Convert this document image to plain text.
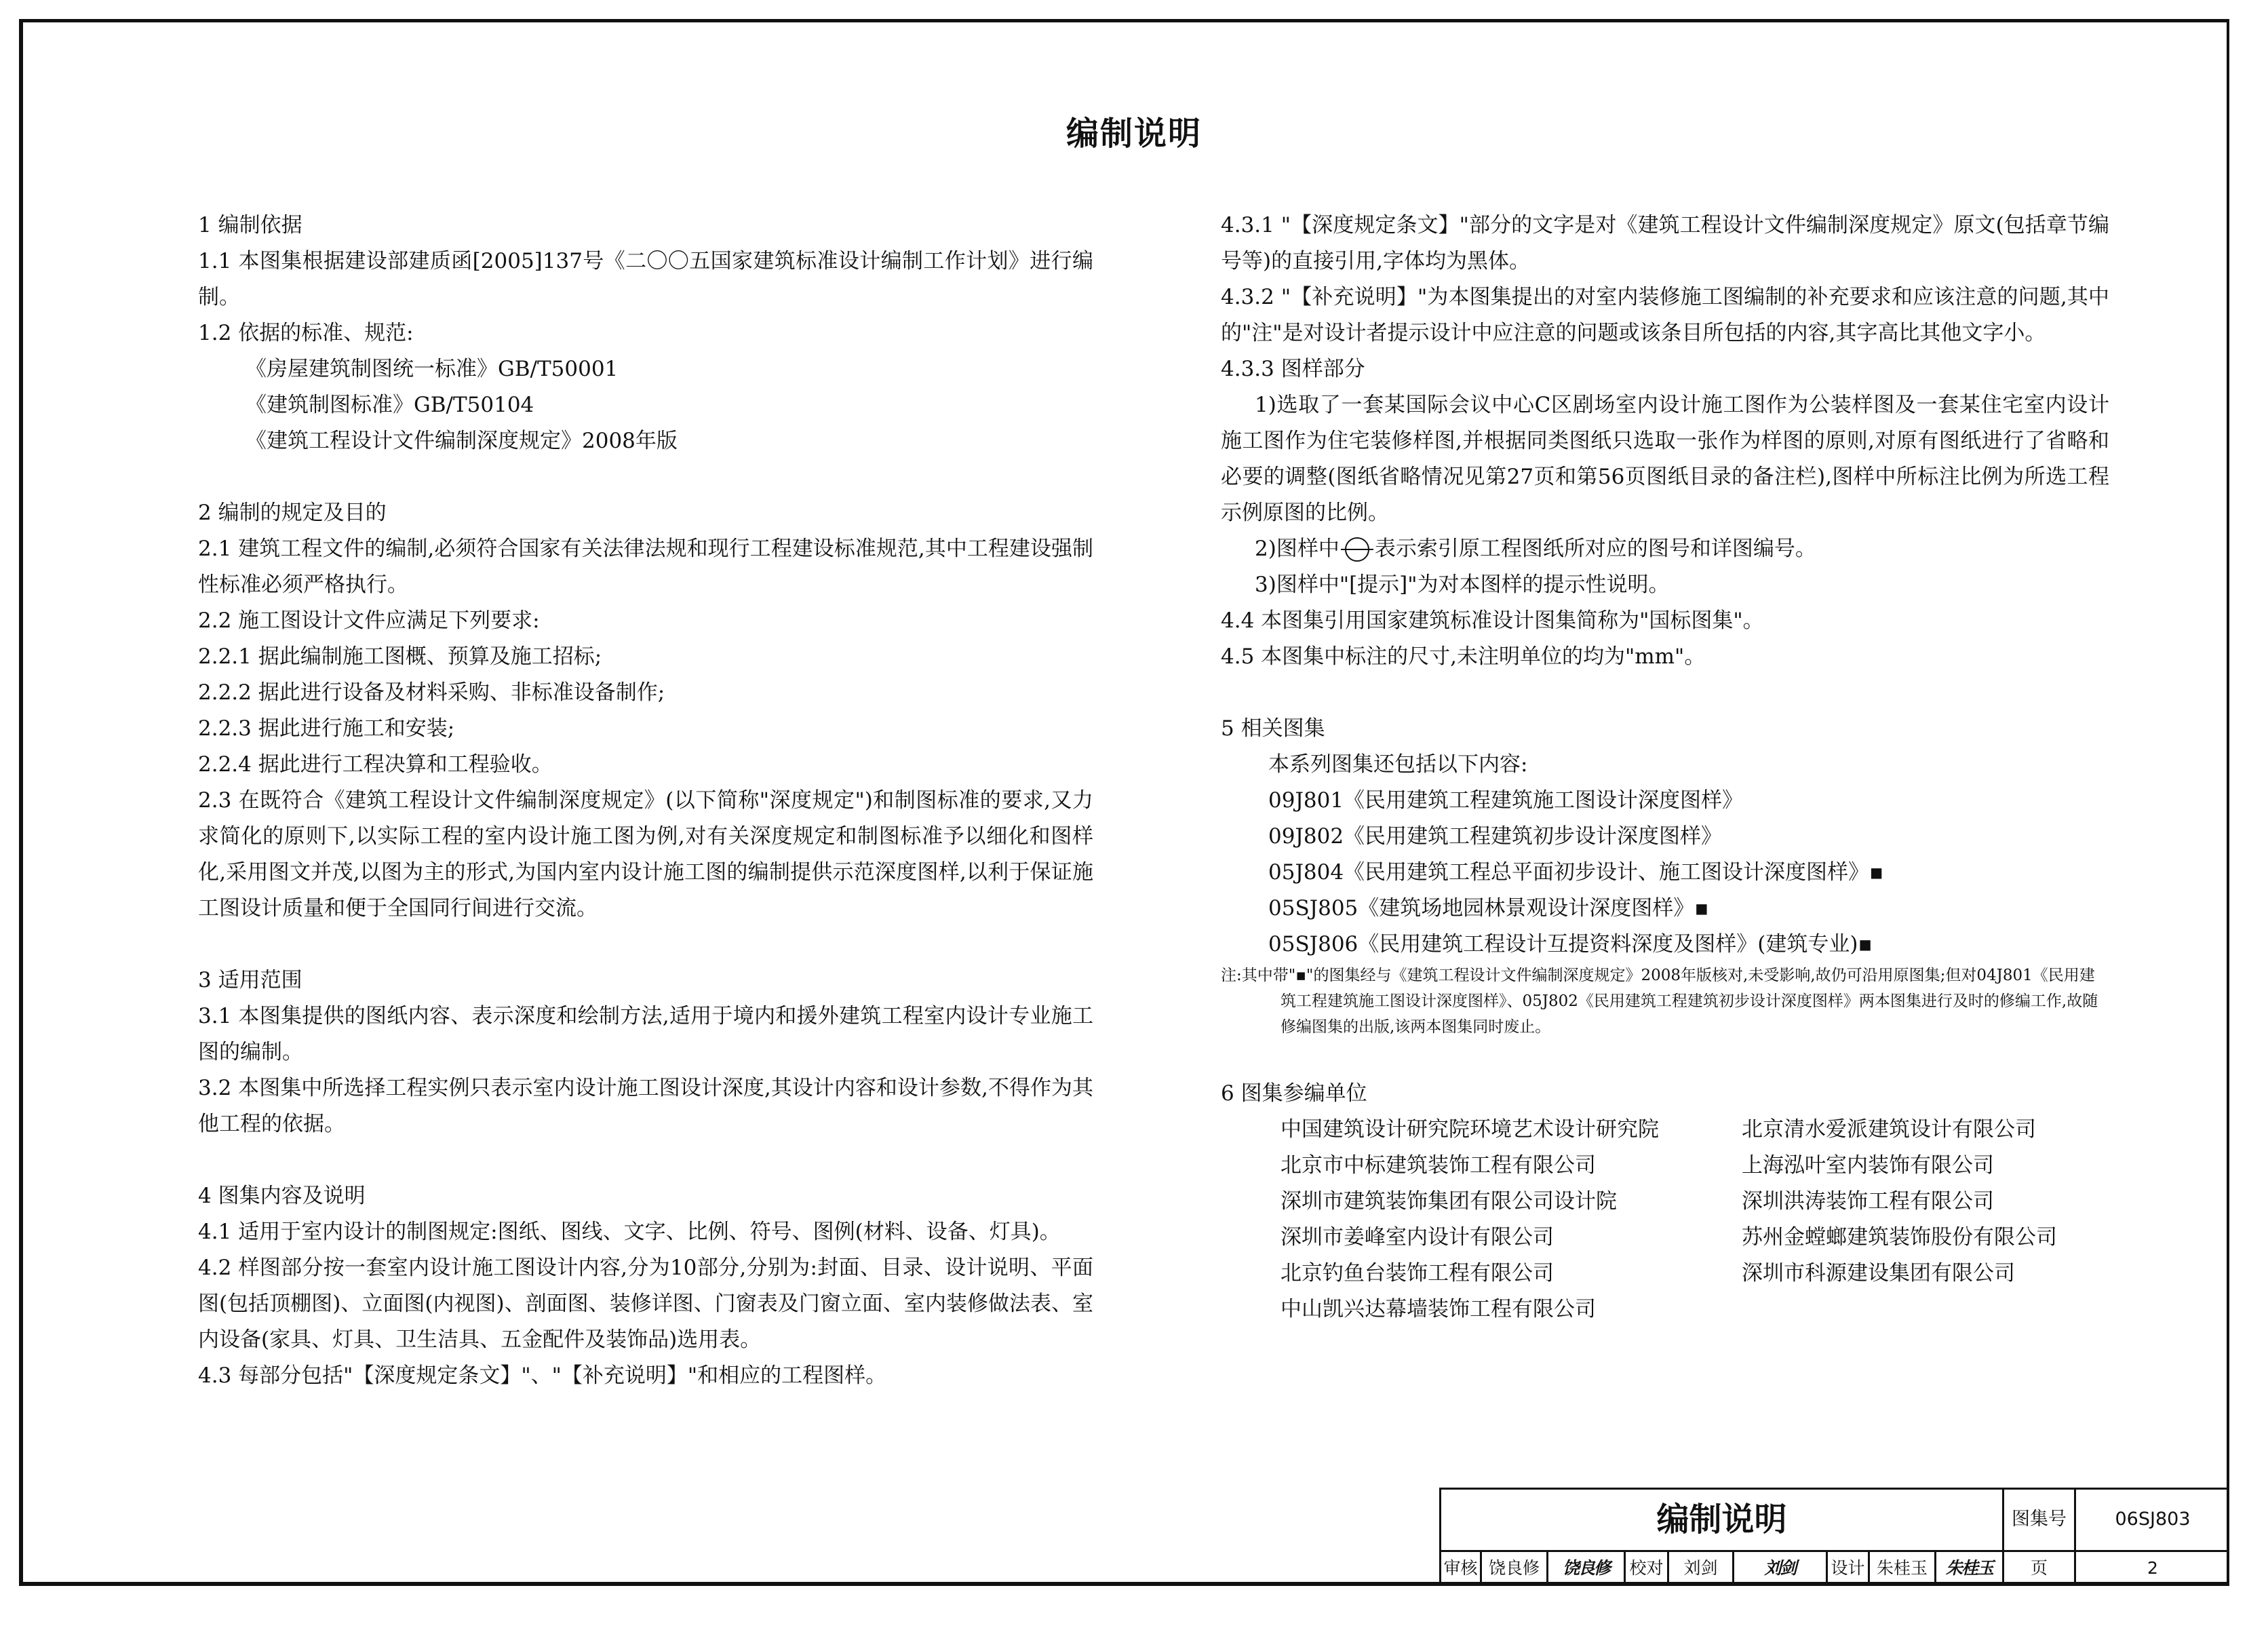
编制说明

1 编制依据

1.1 本图集根据建设部建质函[2005]137号《二〇〇五国家建筑标准设计编制工作计划》进行编制。

1.2 依据的标准、规范:

《房屋建筑制图统一标准》GB/T50001

《建筑制图标准》GB/T50104

《建筑工程设计文件编制深度规定》2008年版

2 编制的规定及目的

2.1 建筑工程文件的编制,必须符合国家有关法律法规和现行工程建设标准规范,其中工程建设强制性标准必须严格执行。

2.2 施工图设计文件应满足下列要求:

2.2.1 据此编制施工图概、预算及施工招标;

2.2.2 据此进行设备及材料采购、非标准设备制作;

2.2.3 据此进行施工和安装;

2.2.4 据此进行工程决算和工程验收。

2.3 在既符合《建筑工程设计文件编制深度规定》(以下简称"深度规定")和制图标准的要求,又力求简化的原则下,以实际工程的室内设计施工图为例,对有关深度规定和制图标准予以细化和图样化,采用图文并茂,以图为主的形式,为国内室内设计施工图的编制提供示范深度图样,以利于保证施工图设计质量和便于全国同行间进行交流。

3 适用范围

3.1 本图集提供的图纸内容、表示深度和绘制方法,适用于境内和援外建筑工程室内设计专业施工图的编制。

3.2 本图集中所选择工程实例只表示室内设计施工图设计深度,其设计内容和设计参数,不得作为其他工程的依据。

4 图集内容及说明

4.1 适用于室内设计的制图规定:图纸、图线、文字、比例、符号、图例(材料、设备、灯具)。

4.2 样图部分按一套室内设计施工图设计内容,分为10部分,分别为:封面、目录、设计说明、平面图(包括顶棚图)、立面图(内视图)、剖面图、装修详图、门窗表及门窗立面、室内装修做法表、室内设备(家具、灯具、卫生洁具、五金配件及装饰品)选用表。

4.3 每部分包括"【深度规定条文】"、"【补充说明】"和相应的工程图样。

4.3.1 "【深度规定条文】"部分的文字是对《建筑工程设计文件编制深度规定》原文(包括章节编号等)的直接引用,字体均为黑体。

4.3.2 "【补充说明】"为本图集提出的对室内装修施工图编制的补充要求和应该注意的问题,其中的"注"是对设计者提示设计中应注意的问题或该条目所包括的内容,其字高比其他文字小。

4.3.3 图样部分

1)选取了一套某国际会议中心C区剧场室内设计施工图作为公装样图及一套某住宅室内设计施工图作为住宅装修样图,并根据同类图纸只选取一张作为样图的原则,对原有图纸进行了省略和必要的调整(图纸省略情况见第27页和第56页图纸目录的备注栏),图样中所标注比例为所选工程示例原图的比例。

2)图样中 表示索引原工程图纸所对应的图号和详图编号。

3)图样中"[提示]"为对本图样的提示性说明。

4.4 本图集引用国家建筑标准设计图集简称为"国标图集"。

4.5 本图集中标注的尺寸,未注明单位的均为"mm"。

5 相关图集

本系列图集还包括以下内容:

09J801《民用建筑工程建筑施工图设计深度图样》

09J802《民用建筑工程建筑初步设计深度图样》

05J804《民用建筑工程总平面初步设计、施工图设计深度图样》▪

05SJ805《建筑场地园林景观设计深度图样》▪

05SJ806《民用建筑工程设计互提资料深度及图样》(建筑专业)▪

注:其中带"▪"的图集经与《建筑工程设计文件编制深度规定》2008年版核对,未受影响,故仍可沿用原图集;但对04J801《民用建筑工程建筑施工图设计深度图样》、05J802《民用建筑工程建筑初步设计深度图样》两本图集进行及时的修编工作,故随修编图集的出版,该两本图集同时废止。

6 图集参编单位

中国建筑设计研究院环境艺术设计研究院	北京清水爱派建筑设计有限公司
北京市中标建筑装饰工程有限公司	上海泓叶室内装饰有限公司
深圳市建筑装饰集团有限公司设计院	深圳洪涛装饰工程有限公司
深圳市姜峰室内设计有限公司	苏州金螳螂建筑装饰股份有限公司
北京钓鱼台装饰工程有限公司	深圳市科源建设集团有限公司
中山凯兴达幕墙装饰工程有限公司
编制说明	图集号	06SJ803
审核 饶良修	饶良修	校对	刘剑	刘剑	设计 朱桂玉	朱桂玉	页	2
